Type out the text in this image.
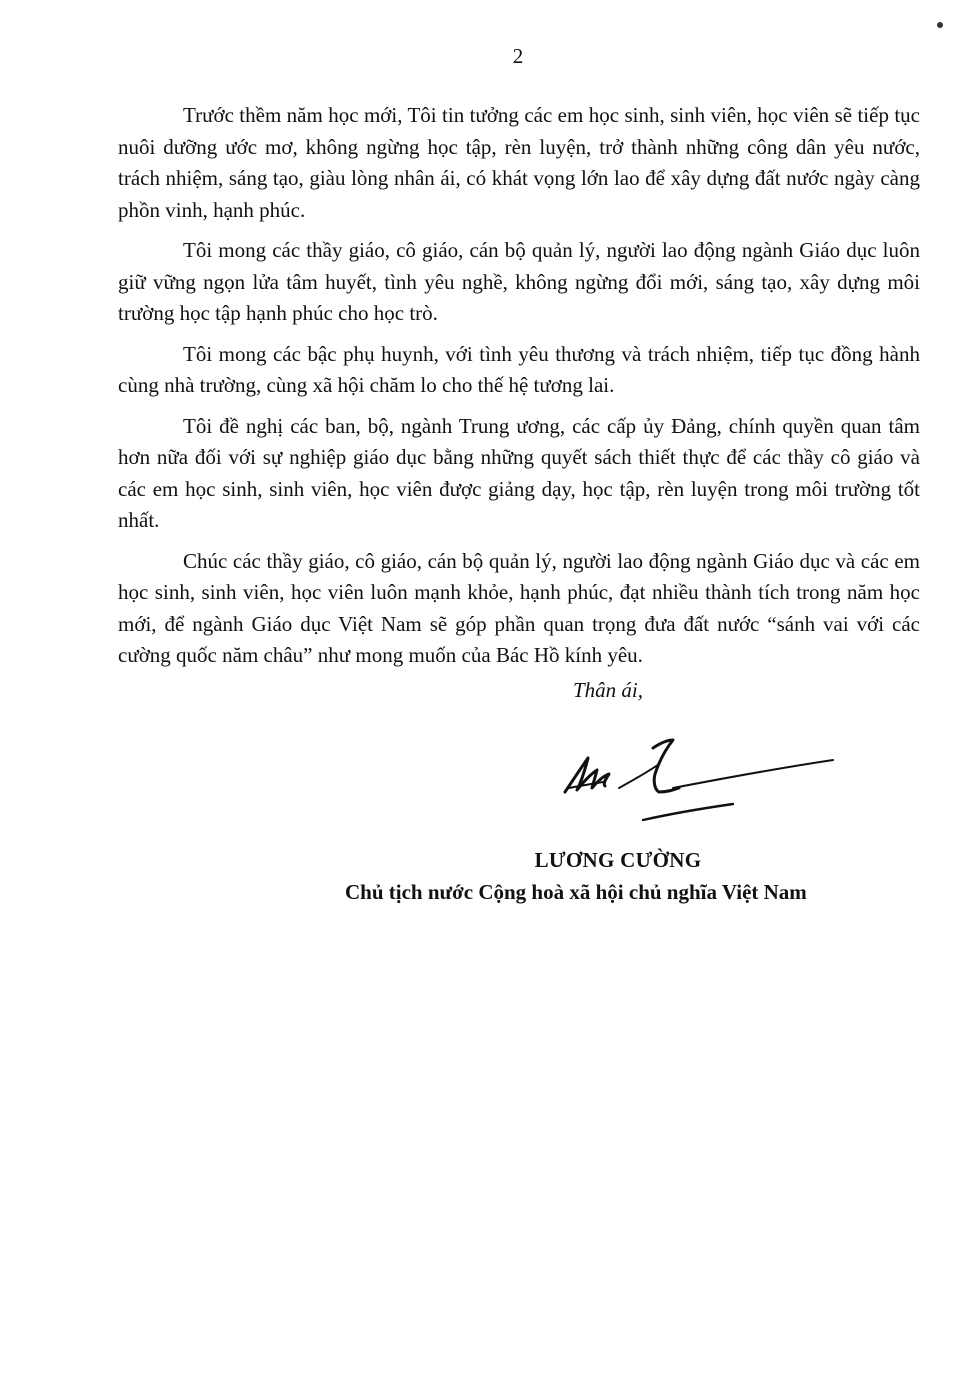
2

Trước thềm năm học mới, Tôi tin tưởng các em học sinh, sinh viên, học viên sẽ tiếp tục nuôi dưỡng ước mơ, không ngừng học tập, rèn luyện, trở thành những công dân yêu nước, trách nhiệm, sáng tạo, giàu lòng nhân ái, có khát vọng lớn lao để xây dựng đất nước ngày càng phồn vinh, hạnh phúc.

Tôi mong các thầy giáo, cô giáo, cán bộ quản lý, người lao động ngành Giáo dục luôn giữ vững ngọn lửa tâm huyết, tình yêu nghề, không ngừng đổi mới, sáng tạo, xây dựng môi trường học tập hạnh phúc cho học trò.

Tôi mong các bậc phụ huynh, với tình yêu thương và trách nhiệm, tiếp tục đồng hành cùng nhà trường, cùng xã hội chăm lo cho thế hệ tương lai.

Tôi đề nghị các ban, bộ, ngành Trung ương, các cấp ủy Đảng, chính quyền quan tâm hơn nữa đối với sự nghiệp giáo dục bằng những quyết sách thiết thực để các thầy cô giáo và các em học sinh, sinh viên, học viên được giảng dạy, học tập, rèn luyện trong môi trường tốt nhất.

Chúc các thầy giáo, cô giáo, cán bộ quản lý, người lao động ngành Giáo dục và các em học sinh, sinh viên, học viên luôn mạnh khỏe, hạnh phúc, đạt nhiều thành tích trong năm học mới, để ngành Giáo dục Việt Nam sẽ góp phần quan trọng đưa đất nước “sánh vai với các cường quốc năm châu” như mong muốn của Bác Hồ kính yêu.

Thân ái,
LƯƠNG CƯỜNG
Chủ tịch nước Cộng hoà xã hội chủ nghĩa Việt Nam
